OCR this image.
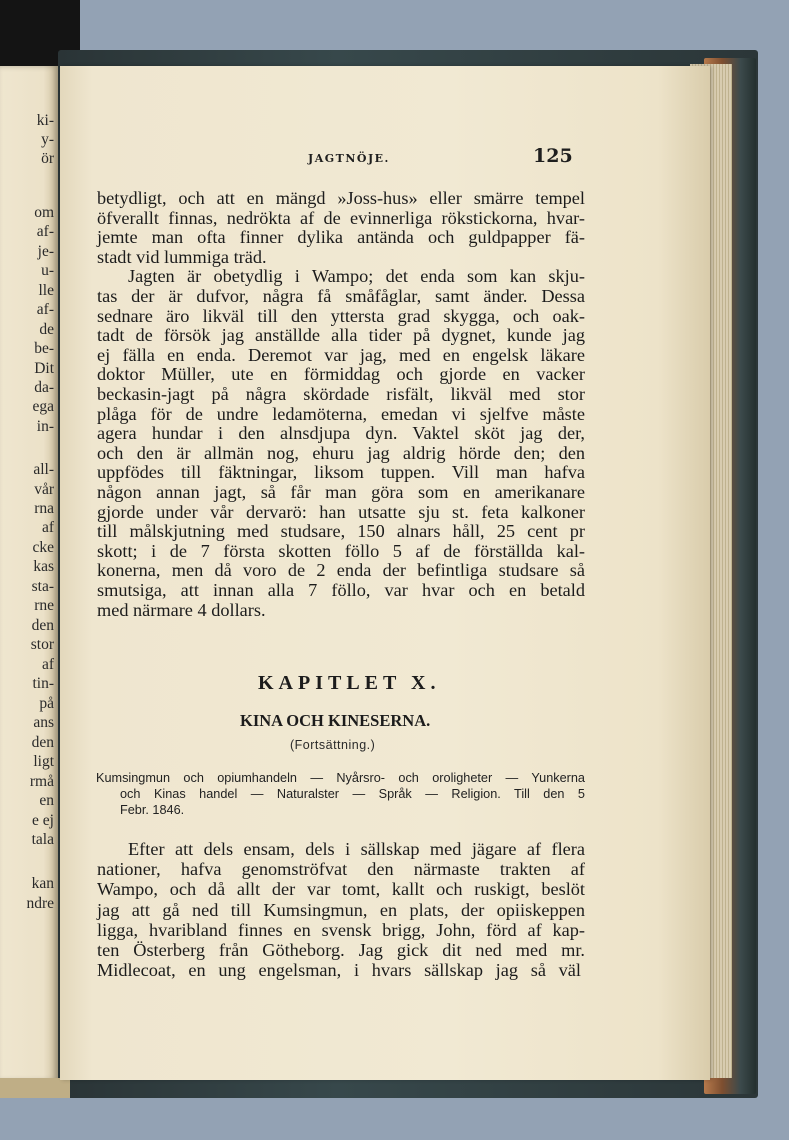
ki-
y-
ör
om
af-
je-
u-
lle
af-
de
be-
Dit
da-
ega
in-
all-
vår
rna
af
cke
kas
sta-
rne
den
stor
af
tin-
på
ans
den
ligt
rmå
en
e ej
tala
kan
ndre
JAGTNÖJE.	125
betydligt, och att en mängd »Joss-hus» eller smärre tempel
öfverallt finnas, nedrökta af de evinnerliga rökstickorna, hvar-
jemte man ofta finner dylika antända och guldpapper fä-
stadt vid lummiga träd.
Jagten är obetydlig i Wampo; det enda som kan skju-
tas der är dufvor, några få småfåglar, samt änder. Dessa
sednare äro likväl till den yttersta grad skygga, och oak-
tadt de försök jag anställde alla tider på dygnet, kunde jag
ej fälla en enda. Deremot var jag, med en engelsk läkare
doktor Müller, ute en förmiddag och gjorde en vacker
beckasin-jagt på några skördade risfält, likväl med stor
plåga för de undre ledamöterna, emedan vi sjelfve måste
agera hundar i den alnsdjupa dyn. Vaktel sköt jag der,
och den är allmän nog, ehuru jag aldrig hörde den; den
uppfödes till fäktningar, liksom tuppen. Vill man hafva
någon annan jagt, så får man göra som en amerikanare
gjorde under vår dervarö: han utsatte sju st. feta kalkoner
till målskjutning med studsare, 150 alnars håll, 25 cent pr
skott; i de 7 första skotten föllo 5 af de förställda kal-
konerna, men då voro de 2 enda der befintliga studsare så
smutsiga, att innan alla 7 föllo, var hvar och en betald
med närmare 4 dollars.
KAPITLET X.
KINA OCH KINESERNA.
(Fortsättning.)
Kumsingmun och opiumhandeln — Nyårsro- och oroligheter — Yunkerna
och Kinas handel — Naturalster — Språk — Religion. Till den 5
Febr. 1846.
Efter att dels ensam, dels i sällskap med jägare af flera
nationer, hafva genomströfvat den närmaste trakten af
Wampo, och då allt der var tomt, kallt och ruskigt, beslöt
jag att gå ned till Kumsingmun, en plats, der opiiskeppen
ligga, hvaribland finnes en svensk brigg, John, förd af kap-
ten Österberg från Götheborg. Jag gick dit ned med mr.
Midlecoat, en ung engelsman, i hvars sällskap jag så väl
